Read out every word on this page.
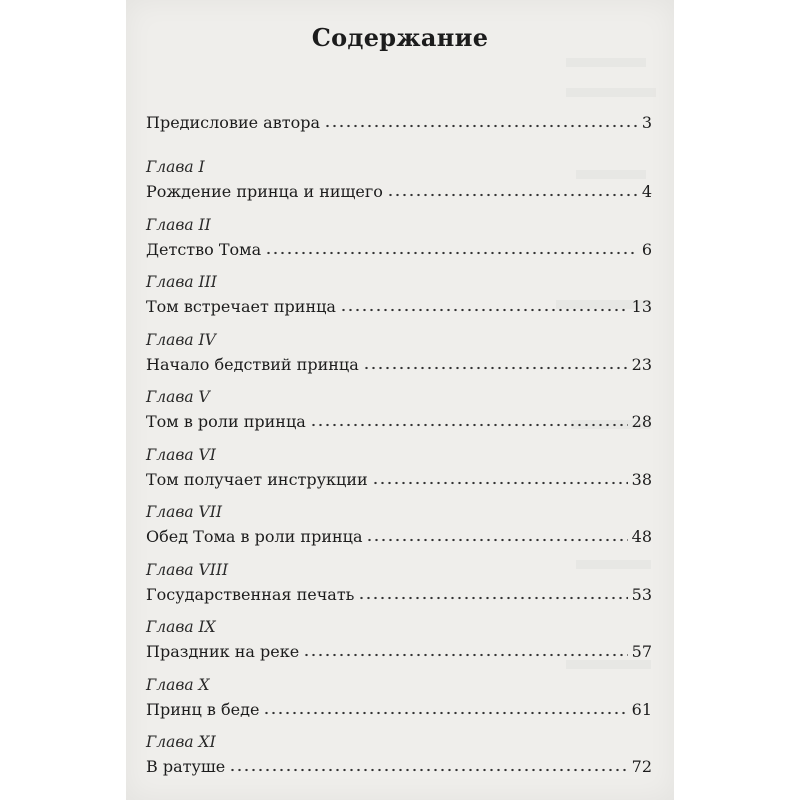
Содержание
Предисловие автора	3
Глава I
Рождение принца и нищего	4
Глава II
Детство Тома	6
Глава III
Том встречает принца	13
Глава IV
Начало бедствий принца	23
Глава V
Том в роли принца	28
Глава VI
Том получает инструкции	38
Глава VII
Обед Тома в роли принца	48
Глава VIII
Государственная печать	53
Глава IX
Праздник на реке	57
Глава X
Принц в беде	61
Глава XI
В ратуше	72
